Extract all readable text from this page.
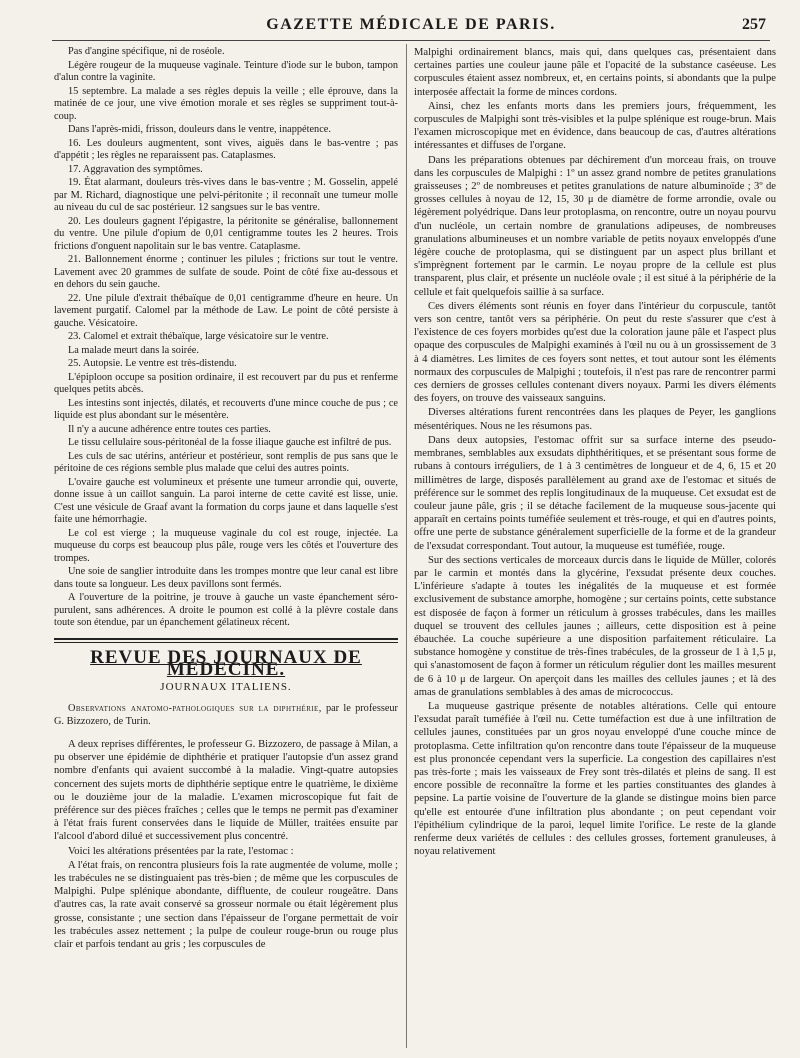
GAZETTE MÉDICALE DE PARIS.	257

Pas d'angine spécifique, ni de roséole.

Légère rougeur de la muqueuse vaginale. Teinture d'iode sur le bubon, tampon d'alun contre la vaginite.

15 septembre. La malade a ses règles depuis la veille ; elle éprouve, dans la matinée de ce jour, une vive émotion morale et ses règles se suppriment tout-à-coup.

Dans l'après-midi, frisson, douleurs dans le ventre, inappétence.

16. Les douleurs augmentent, sont vives, aiguës dans le bas-ventre ; pas d'appétit ; les règles ne reparaissent pas. Cataplasmes.

17. Aggravation des symptômes.

19. État alarmant, douleurs très-vives dans le bas-ventre ; M. Gosselin, appelé par M. Richard, diagnostique une pelvi-péritonite ; il reconnaît une tumeur molle au niveau du cul de sac postérieur. 12 sangsues sur le bas ventre.

20. Les douleurs gagnent l'épigastre, la péritonite se généralise, ballonnement du ventre. Une pilule d'opium de 0,01 centigramme toutes les 2 heures. Trois frictions d'onguent napolitain sur le bas ventre. Cataplasme.

21. Ballonnement énorme ; continuer les pilules ; frictions sur tout le ventre. Lavement avec 20 grammes de sulfate de soude. Point de côté fixe au-dessous et en dehors du sein gauche.

22. Une pilule d'extrait thébaïque de 0,01 centigramme d'heure en heure. Un lavement purgatif. Calomel par la méthode de Law. Le point de côté persiste à gauche. Vésicatoire.

23. Calomel et extrait thébaïque, large vésicatoire sur le ventre.

La malade meurt dans la soirée.

25. Autopsie. Le ventre est très-distendu.

L'épiploon occupe sa position ordinaire, il est recouvert par du pus et renferme quelques petits abcès.

Les intestins sont injectés, dilatés, et recouverts d'une mince couche de pus ; ce liquide est plus abondant sur le mésentère.

Il n'y a aucune adhérence entre toutes ces parties.

Le tissu cellulaire sous-péritonéal de la fosse iliaque gauche est infiltré de pus.

Les culs de sac utérins, antérieur et postérieur, sont remplis de pus sans que le péritoine de ces régions semble plus malade que celui des autres points.

L'ovaire gauche est volumineux et présente une tumeur arrondie qui, ouverte, donne issue à un caillot sanguin. La paroi interne de cette cavité est lisse, unie. C'est une vésicule de Graaf avant la formation du corps jaune et dans laquelle s'est faite une hémorrhagie.

Le col est vierge ; la muqueuse vaginale du col est rouge, injectée. La muqueuse du corps est beaucoup plus pâle, rouge vers les côtés et l'ouverture des trompes.

Une soie de sanglier introduite dans les trompes montre que leur canal est libre dans toute sa longueur. Les deux pavillons sont fermés.

A l'ouverture de la poitrine, je trouve à gauche un vaste épanchement séro-purulent, sans adhérences. A droite le poumon est collé à la plèvre costale dans toute son étendue, par un épanchement gélatineux récent.

REVUE DES JOURNAUX DE MÉDECINE.
JOURNAUX ITALIENS.

Observations anatomo-pathologiques sur la diphthérie, par le professeur G. Bizzozero, de Turin.

A deux reprises différentes, le professeur G. Bizzozero, de passage à Milan, a pu observer une épidémie de diphthérie et pratiquer l'autopsie d'un assez grand nombre d'enfants qui avaient succombé à la maladie. Vingt-quatre autopsies concernent des sujets morts de diphthérie septique entre le quatrième, le dixième ou le douzième jour de la maladie. L'examen microscopique fut fait de préférence sur des pièces fraîches ; celles que le temps ne permit pas d'examiner à l'état frais furent conservées dans le liquide de Müller, traitées ensuite par l'alcool d'abord dilué et successivement plus concentré.

Voici les altérations présentées par la rate, l'estomac :

A l'état frais, on rencontra plusieurs fois la rate augmentée de volume, molle ; les trabécules ne se distinguaient pas très-bien ; de même que les corpuscules de Malpighi. Pulpe splénique abondante, diffluente, de couleur rougeâtre. Dans d'autres cas, la rate avait conservé sa grosseur normale ou était légèrement plus grosse, consistante ; une section dans l'épaisseur de l'organe permettait de voir les trabécules assez nettement ; la pulpe de couleur rouge-brun ou rouge plus clair et parfois tendant au gris ; les corpuscules de

Malpighi ordinairement blancs, mais qui, dans quelques cas, présentaient dans certaines parties une couleur jaune pâle et l'opacité de la substance caséeuse. Les corpuscules étaient assez nombreux, et, en certains points, si abondants que la pulpe interposée affectait la forme de minces cordons.

Ainsi, chez les enfants morts dans les premiers jours, fréquemment, les corpuscules de Malpighi sont très-visibles et la pulpe splénique est rouge-brun. Mais l'examen microscopique met en évidence, dans beaucoup de cas, d'autres altérations intéressantes et diffuses de l'organe.

Dans les préparations obtenues par déchirement d'un morceau frais, on trouve dans les corpuscules de Malpighi : 1º un assez grand nombre de petites granulations graisseuses ; 2º de nombreuses et petites granulations de nature albuminoïde ; 3º de grosses cellules à noyau de 12, 15, 30 μ de diamètre de forme arrondie, ovale ou légèrement polyédrique. Dans leur protoplasma, on rencontre, outre un noyau pourvu d'un nucléole, un certain nombre de granulations adipeuses, de nombreuses granulations albumineuses et un nombre variable de petits noyaux enveloppés d'une légère couche de protoplasma, qui se distinguent par un aspect plus brillant et s'imprègnent fortement par le carmin. Le noyau propre de la cellule est plus transparent, plus clair, et présente un nucléole ovale ; il est situé à la périphérie de la cellule et fait quelquefois saillie à sa surface.

Ces divers éléments sont réunis en foyer dans l'intérieur du corpuscule, tantôt vers son centre, tantôt vers sa périphérie. On peut du reste s'assurer que c'est à l'existence de ces foyers morbides qu'est due la coloration jaune pâle et l'aspect plus opaque des corpuscules de Malpighi examinés à l'œil nu ou à un grossissement de 3 à 4 diamètres. Les limites de ces foyers sont nettes, et tout autour sont les éléments normaux des corpuscules de Malpighi ; toutefois, il n'est pas rare de rencontrer parmi ces derniers de grosses cellules contenant divers noyaux. Parmi les divers éléments des foyers, on trouve des vaisseaux sanguins.

Diverses altérations furent rencontrées dans les plaques de Peyer, les ganglions mésentériques. Nous ne les résumons pas.

Dans deux autopsies, l'estomac offrit sur sa surface interne des pseudo-membranes, semblables aux exsudats diphthéritiques, et se présentant sous forme de rubans à contours irréguliers, de 1 à 3 centimètres de longueur et de 4, 6, 15 et 20 millimètres de large, disposés parallèlement au grand axe de l'estomac et situés de préférence sur le sommet des replis longitudinaux de la muqueuse. Cet exsudat est de couleur jaune pâle, gris ; il se détache facilement de la muqueuse sous-jacente qui apparaît en certains points tuméfiée seulement et très-rouge, et qui en d'autres points, offre une perte de substance généralement superficielle de la forme et de la grandeur de l'exsudat correspondant. Tout autour, la muqueuse est tuméfiée, rouge.

Sur des sections verticales de morceaux durcis dans le liquide de Müller, colorés par le carmin et montés dans la glycérine, l'exsudat présente deux couches. L'inférieure s'adapte à toutes les inégalités de la muqueuse et est formée exclusivement de substance amorphe, homogène ; sur certains points, cette substance est disposée de façon à former un réticulum à grosses trabécules, dans les mailles duquel se trouvent des cellules jaunes ; ailleurs, cette disposition est à peine ébauchée. La couche supérieure a une disposition parfaitement réticulaire. La substance homogène y constitue de très-fines trabécules, de la grosseur de 1 à 1,5 μ, qui s'anastomosent de façon à former un réticulum régulier dont les mailles mesurent de 6 à 10 μ de largeur. On aperçoit dans les mailles des cellules jaunes ; et là des amas de granulations semblables à des amas de micrococcus.

La muqueuse gastrique présente de notables altérations. Celle qui entoure l'exsudat paraît tuméfiée à l'œil nu. Cette tuméfaction est due à une infiltration de cellules jaunes, constituées par un gros noyau enveloppé d'une couche mince de protoplasma. Cette infiltration qu'on rencontre dans toute l'épaisseur de la muqueuse est plus prononcée cependant vers la superficie. La congestion des capillaires n'est pas très-forte ; mais les vaisseaux de Frey sont très-dilatés et pleins de sang. Il est encore possible de reconnaître la forme et les parties constituantes des glandes à pepsine. La partie voisine de l'ouverture de la glande se distingue moins bien parce qu'elle est entourée d'une infiltration plus abondante ; on peut cependant voir l'épithélium cylindrique de la paroi, lequel limite l'orifice. Le reste de la glande renferme deux variétés de cellules : des cellules grosses, fortement granuleuses, à noyau relativement
